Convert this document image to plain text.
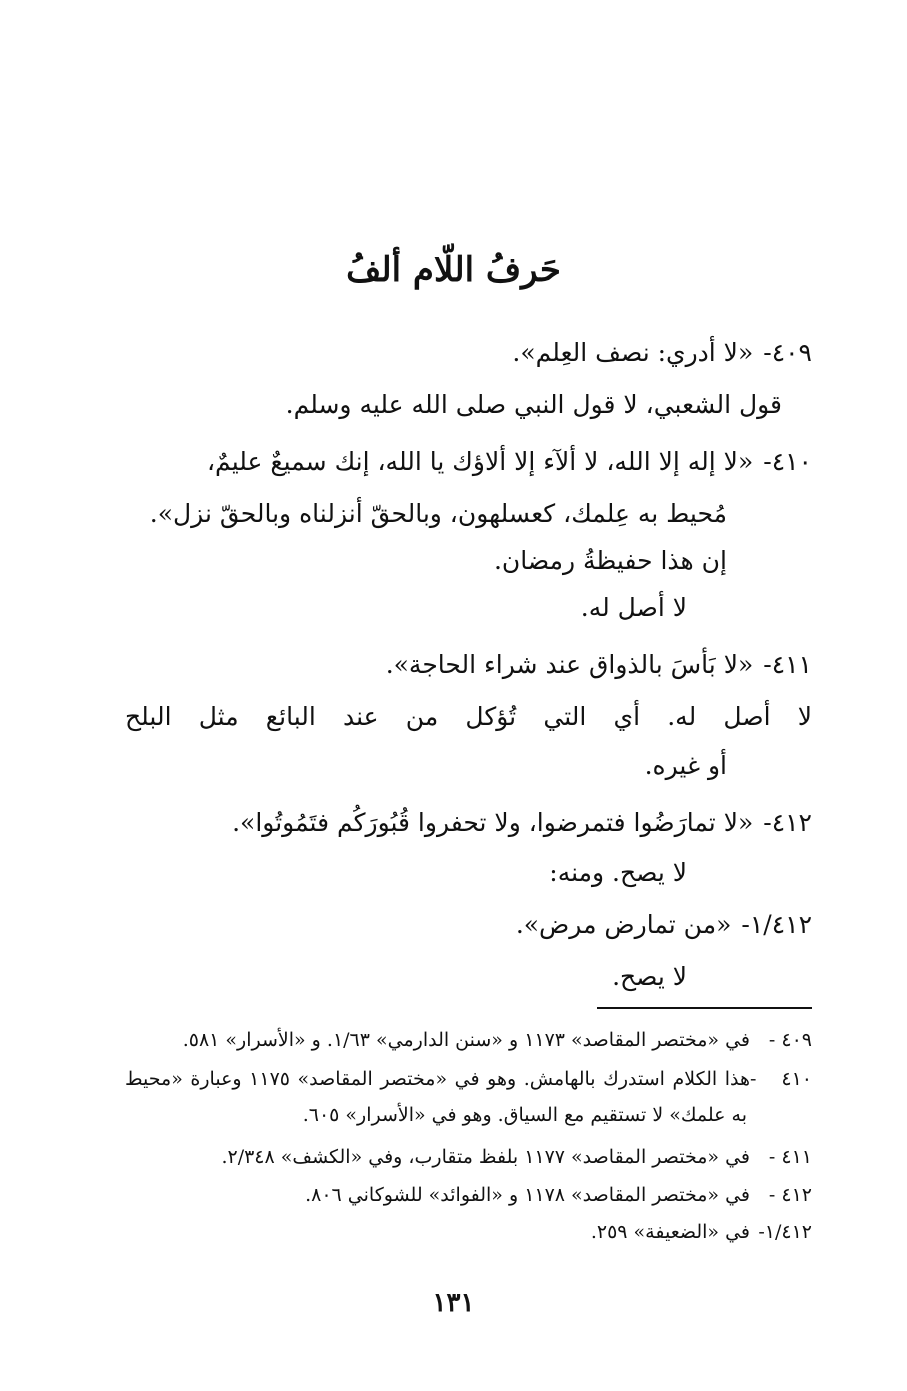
حَرفُ اللّام ألفُ
٤٠٩-«لا أدري: نصف العِلم».
قول الشعبي، لا قول النبي صلى الله عليه وسلم.
٤١٠-«لا إله إلا الله، لا ألآء إلا ألاؤك يا الله، إنك سميعٌ عليمٌ،
مُحيط به عِلمك، كعسلهون، وبالحقّ أنزلناه وبالحقّ نزل».
إن هذا حفيظةُ رمضان.
لا أصل له.
٤١١-«لا بَأسَ بالذواق عند شراء الحاجة».
لا أصل له. أي التي تُؤكل من عند البائع مثل البلح
أو غيره.
٤١٢-«لا تمارَضُوا فتمرضوا، ولا تحفروا قُبُورَكُم فتَمُوتُوا».
لا يصح. ومنه:
١/٤١٢-«من تمارض مرض».
لا يصح.
٤٠٩ -في «مختصر المقاصد» ١١٧٣ و «سنن الدارمي» ١/٦٣. و «الأسرار» ٥٨١.
٤١٠ -هذا الكلام استدرك بالهامش. وهو في «مختصر المقاصد» ١١٧٥ وعبارة «محيط
به علمك» لا تستقيم مع السياق. وهو في «الأسرار» ٦٠٥.
٤١١ -في «مختصر المقاصد» ١١٧٧ بلفظ متقارب، وفي «الكشف» ٢/٣٤٨.
٤١٢ -في «مختصر المقاصد» ١١٧٨ و «الفوائد» للشوكاني ٨٠٦.
١/٤١٢-في «الضعيفة» ٢٥٩.
١٣١
